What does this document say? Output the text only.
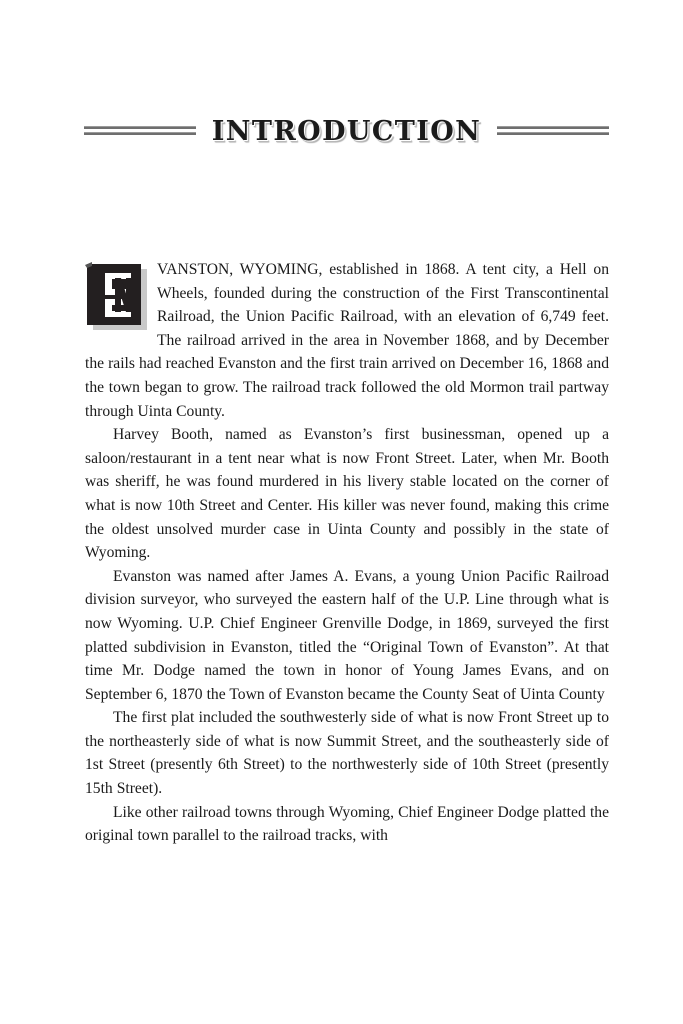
INTRODUCTION

VANSTON, WYOMING, established in 1868. A tent city, a Hell on Wheels, founded during the construction of the First Transcontinental Railroad, the Union Pacific Railroad, with an elevation of 6,749 feet. The railroad arrived in the area in November 1868, and by December the rails had reached Evanston and the first train arrived on December 16, 1868 and the town began to grow. The railroad track followed the old Mormon trail partway through Uinta County.

Harvey Booth, named as Evanston’s first businessman, opened up a saloon/restaurant in a tent near what is now Front Street. Later, when Mr. Booth was sheriff, he was found murdered in his livery stable located on the corner of what is now 10th Street and Center. His killer was never found, making this crime the oldest unsolved murder case in Uinta County and possibly in the state of Wyoming.

Evanston was named after James A. Evans, a young Union Pacific Railroad division surveyor, who surveyed the eastern half of the U.P. Line through what is now Wyoming. U.P. Chief Engineer Grenville Dodge, in 1869, surveyed the first platted subdivision in Evanston, titled the “Original Town of Evanston”. At that time Mr. Dodge named the town in honor of Young James Evans, and on September 6, 1870 the Town of Evanston became the County Seat of Uinta County

The first plat included the southwesterly side of what is now Front Street up to the northeasterly side of what is now Summit Street, and the southeasterly side of 1st Street (presently 6th Street) to the northwesterly side of 10th Street (presently 15th Street).

Like other railroad towns through Wyoming, Chief Engineer Dodge platted the original town parallel to the railroad tracks, with
